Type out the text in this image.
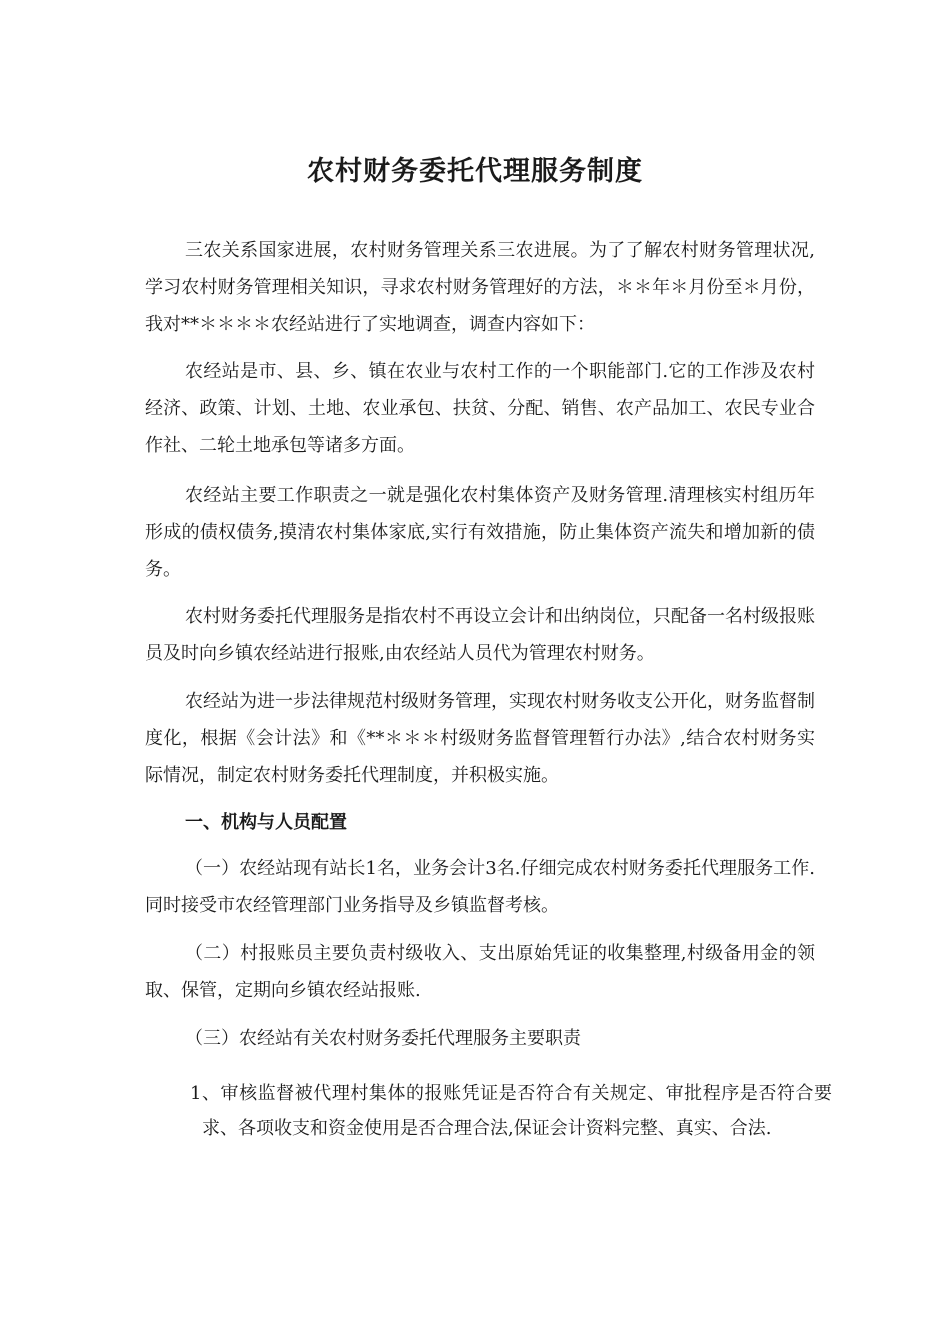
农村财务委托代理服务制度

三农关系国家进展，农村财务管理关系三农进展。为了了解农村财务管理状况,学习农村财务管理相关知识，寻求农村财务管理好的方法，＊＊年＊月份至＊月份，我对**＊＊＊＊农经站进行了实地调查，调查内容如下：

农经站是市、县、乡、镇在农业与农村工作的一个职能部门.它的工作涉及农村经济、政策、计划、土地、农业承包、扶贫、分配、销售、农产品加工、农民专业合作社、二轮土地承包等诸多方面。

农经站主要工作职责之一就是强化农村集体资产及财务管理.清理核实村组历年形成的债权债务,摸清农村集体家底,实行有效措施，防止集体资产流失和增加新的债务。

农村财务委托代理服务是指农村不再设立会计和出纳岗位，只配备一名村级报账员及时向乡镇农经站进行报账,由农经站人员代为管理农村财务。

农经站为进一步法律规范村级财务管理，实现农村财务收支公开化，财务监督制度化，根据《会计法》和《**＊＊＊村级财务监督管理暂行办法》,结合农村财务实际情况，制定农村财务委托代理制度，并积极实施。

一、机构与人员配置

（一）农经站现有站长1名，业务会计3名.仔细完成农村财务委托代理服务工作.同时接受市农经管理部门业务指导及乡镇监督考核。

（二）村报账员主要负责村级收入、支出原始凭证的收集整理,村级备用金的领取、保管，定期向乡镇农经站报账.

（三）农经站有关农村财务委托代理服务主要职责

1、审核监督被代理村集体的报账凭证是否符合有关规定、审批程序是否符合要求、各项收支和资金使用是否合理合法,保证会计资料完整、真实、合法.
